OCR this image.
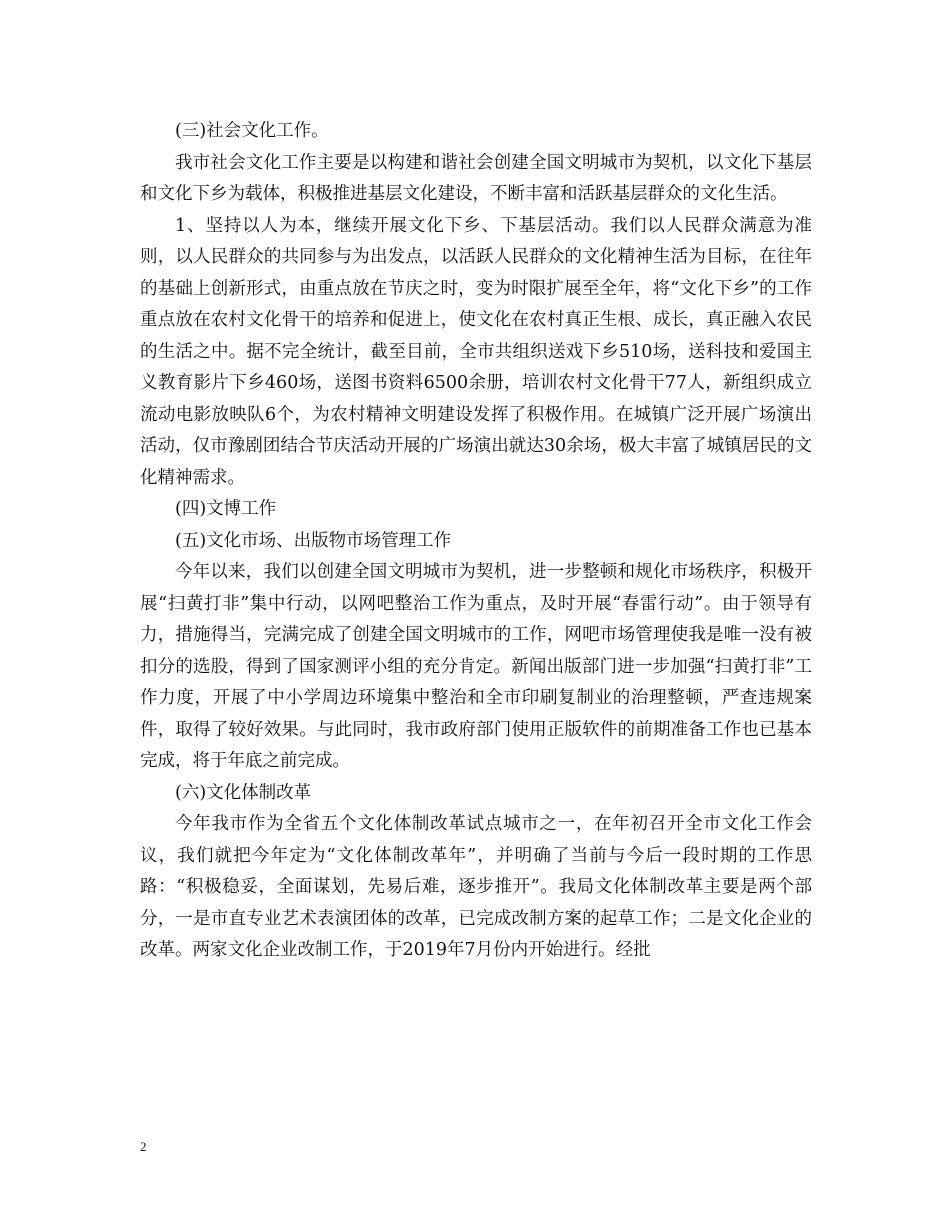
(三)社会文化工作。

我市社会文化工作主要是以构建和谐社会创建全国文明城市为契机，以文化下基层和文化下乡为载体，积极推进基层文化建设，不断丰富和活跃基层群众的文化生活。

1、坚持以人为本，继续开展文化下乡、下基层活动。我们以人民群众满意为准则，以人民群众的共同参与为出发点，以活跃人民群众的文化精神生活为目标，在往年的基础上创新形式，由重点放在节庆之时，变为时限扩展至全年，将“文化下乡”的工作重点放在农村文化骨干的培养和促进上，使文化在农村真正生根、成长，真正融入农民的生活之中。据不完全统计，截至目前，全市共组织送戏下乡510场，送科技和爱国主义教育影片下乡460场，送图书资料6500余册，培训农村文化骨干77人，新组织成立流动电影放映队6个，为农村精神文明建设发挥了积极作用。在城镇广泛开展广场演出活动，仅市豫剧团结合节庆活动开展的广场演出就达30余场，极大丰富了城镇居民的文化精神需求。

(四)文博工作

(五)文化市场、出版物市场管理工作

今年以来，我们以创建全国文明城市为契机，进一步整顿和规化市场秩序，积极开展“扫黄打非”集中行动，以网吧整治工作为重点，及时开展“春雷行动”。由于领导有力，措施得当，完满完成了创建全国文明城市的工作，网吧市场管理使我是唯一没有被扣分的选股，得到了国家测评小组的充分肯定。新闻出版部门进一步加强“扫黄打非”工作力度，开展了中小学周边环境集中整治和全市印刷复制业的治理整顿，严查违规案件，取得了较好效果。与此同时，我市政府部门使用正版软件的前期准备工作也已基本完成，将于年底之前完成。

(六)文化体制改革

今年我市作为全省五个文化体制改革试点城市之一，在年初召开全市文化工作会议，我们就把今年定为“文化体制改革年”，并明确了当前与今后一段时期的工作思路：“积极稳妥，全面谋划，先易后难，逐步推开”。我局文化体制改革主要是两个部分，一是市直专业艺术表演团体的改革，已完成改制方案的起草工作；二是文化企业的改革。两家文化企业改制工作，于2019年7月份内开始进行。经批

2
